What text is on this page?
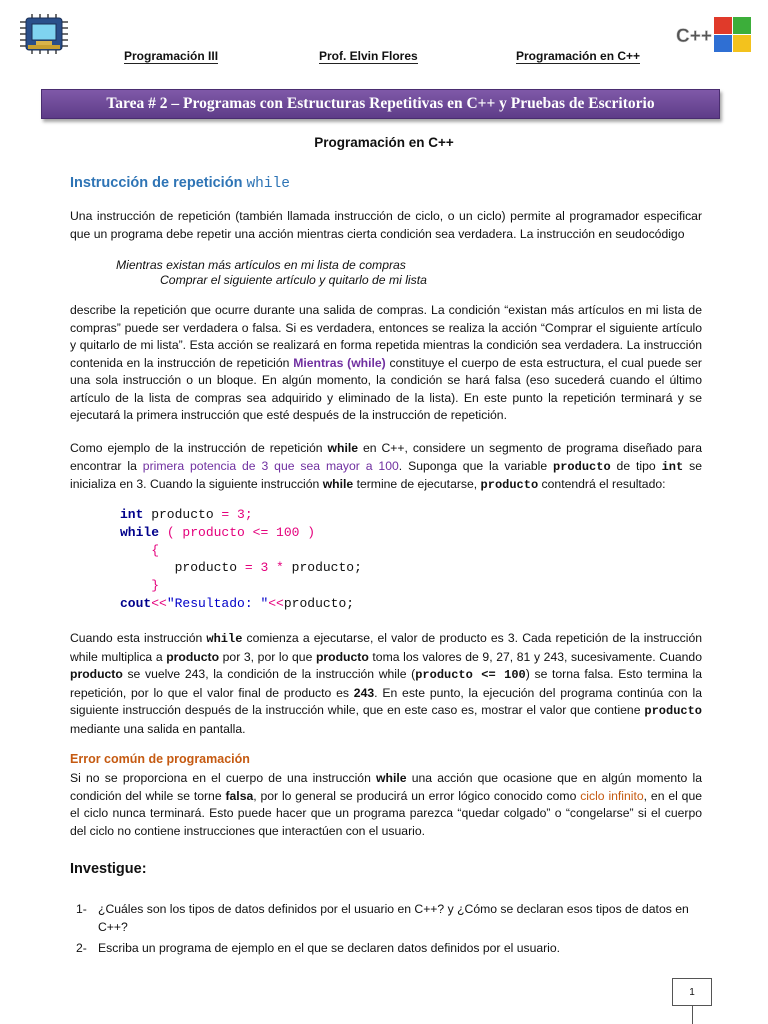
Programación III	Prof. Elvin Flores	Programación en C++
C++
Tarea # 2 – Programas con Estructuras Repetitivas en C++ y Pruebas de Escritorio
Programación en C++
Instrucción de repetición while
Una instrucción de repetición (también llamada instrucción de ciclo, o un ciclo) permite al programador especificar que un programa debe repetir una acción mientras cierta condición sea verdadera. La instrucción en seudocódigo
Mientras existan más artículos en mi lista de compras
Comprar el siguiente artículo y quitarlo de mi lista
describe la repetición que ocurre durante una salida de compras. La condición “existan más artículos en mi lista de compras” puede ser verdadera o falsa. Si es verdadera, entonces se realiza la acción “Comprar el siguiente artículo y quitarlo de mi lista”. Esta acción se realizará en forma repetida mientras la condición sea verdadera. La instrucción contenida en la instrucción de repetición Mientras (while) constituye el cuerpo de esta estructura, el cual puede ser una sola instrucción o un bloque. En algún momento, la condición se hará falsa (eso sucederá cuando el último artículo de la lista de compras sea adquirido y eliminado de la lista). En este punto la repetición terminará y se ejecutará la primera instrucción que esté después de la instrucción de repetición.
Como ejemplo de la instrucción de repetición while en C++, considere un segmento de programa diseñado para encontrar la primera potencia de 3 que sea mayor a 100. Suponga que la variable producto de tipo int se inicializa en 3. Cuando la siguiente instrucción while termine de ejecutarse, producto contendrá el resultado:
int producto = 3;
while ( producto <= 100 )
{
producto = 3 * producto;
}
cout<<"Resultado: "<<producto;
Cuando esta instrucción while comienza a ejecutarse, el valor de producto es 3. Cada repetición de la instrucción while multiplica a producto por 3, por lo que producto toma los valores de 9, 27, 81 y 243, sucesivamente. Cuando producto se vuelve 243, la condición de la instrucción while (producto <= 100) se torna falsa. Esto termina la repetición, por lo que el valor final de producto es 243. En este punto, la ejecución del programa continúa con la siguiente instrucción después de la instrucción while, que en este caso es, mostrar el valor que contiene producto mediante una salida en pantalla.
Error común de programación
Si no se proporciona en el cuerpo de una instrucción while una acción que ocasione que en algún momento la condición del while se torne falsa, por lo general se producirá un error lógico conocido como ciclo infinito, en el que el ciclo nunca terminará. Esto puede hacer que un programa parezca “quedar colgado” o “congelarse” si el cuerpo del ciclo no contiene instrucciones que interactúen con el usuario.
Investigue:
1- ¿Cuáles son los tipos de datos definidos por el usuario en C++? y ¿Cómo se declaran esos tipos de datos en C++?
2- Escriba un programa de ejemplo en el que se declaren datos definidos por el usuario.
1
